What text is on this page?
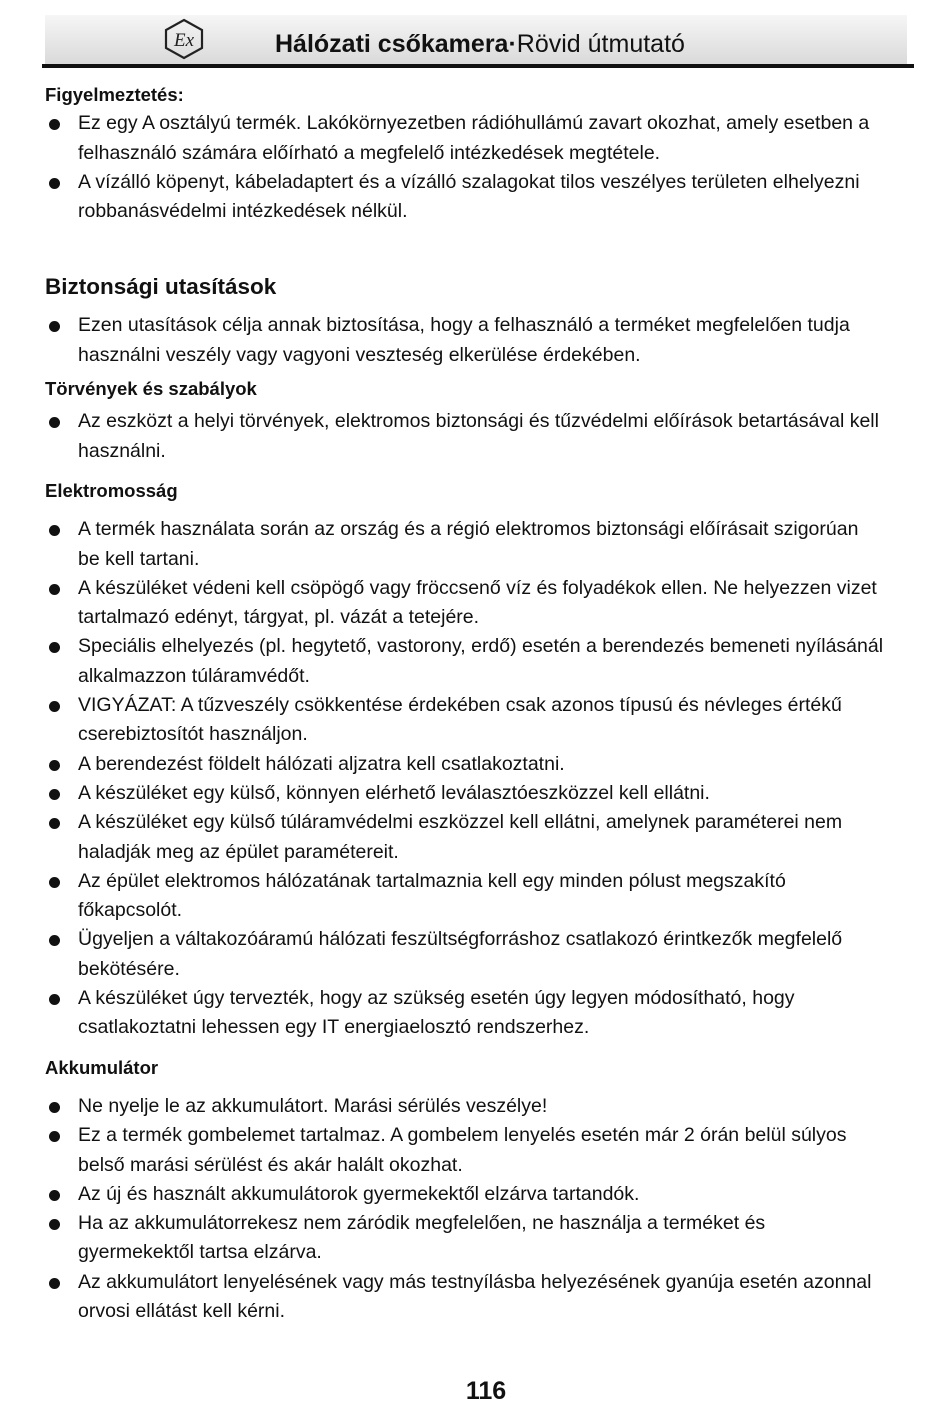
Ex	Hálózati csőkamera·Rövid útmutató

Figyelmeztetés:

Ez egy A osztályú termék. Lakókörnyezetben rádióhullámú zavart okozhat, amely esetben a felhasználó számára előírható a megfelelő intézkedések megtétele.
A vízálló köpenyt, kábeladaptert és a vízálló szalagokat tilos veszélyes területen elhelyezni robbanásvédelmi intézkedések nélkül.

Biztonsági utasítások

Ezen utasítások célja annak biztosítása, hogy a felhasználó a terméket megfelelően tudja használni veszély vagy vagyoni veszteség elkerülése érdekében.

Törvények és szabályok

Az eszközt a helyi törvények, elektromos biztonsági és tűzvédelmi előírások betartásával kell használni.

Elektromosság

A termék használata során az ország és a régió elektromos biztonsági előírásait szigorúan be kell tartani.
A készüléket védeni kell csöpögő vagy fröccsenő víz és folyadékok ellen. Ne helyezzen vizet tartalmazó edényt, tárgyat, pl. vázát a tetejére.
Speciális elhelyezés (pl. hegytető, vastorony, erdő) esetén a berendezés bemeneti nyílásánál alkalmazzon túláramvédőt.
VIGYÁZAT: A tűzveszély csökkentése érdekében csak azonos típusú és névleges értékű cserebiztosítót használjon.
A berendezést földelt hálózati aljzatra kell csatlakoztatni.
A készüléket egy külső, könnyen elérhető leválasztóeszközzel kell ellátni.
A készüléket egy külső túláramvédelmi eszközzel kell ellátni, amelynek paraméterei nem haladják meg az épület paramétereit.
Az épület elektromos hálózatának tartalmaznia kell egy minden pólust megszakító főkapcsolót.
Ügyeljen a váltakozóáramú hálózati feszültségforráshoz csatlakozó érintkezők megfelelő bekötésére.
A készüléket úgy tervezték, hogy az szükség esetén úgy legyen módosítható, hogy csatlakoztatni lehessen egy IT energiaelosztó rendszerhez.

Akkumulátor

Ne nyelje le az akkumulátort. Marási sérülés veszélye!
Ez a termék gombelemet tartalmaz. A gombelem lenyelés esetén már 2 órán belül súlyos belső marási sérülést és akár halált okozhat.
Az új és használt akkumulátorok gyermekektől elzárva tartandók.
Ha az akkumulátorrekesz nem záródik megfelelően, ne használja a terméket és gyermekektől tartsa elzárva.
Az akkumulátort lenyelésének vagy más testnyílásba helyezésének gyanúja esetén azonnal orvosi ellátást kell kérni.
116
